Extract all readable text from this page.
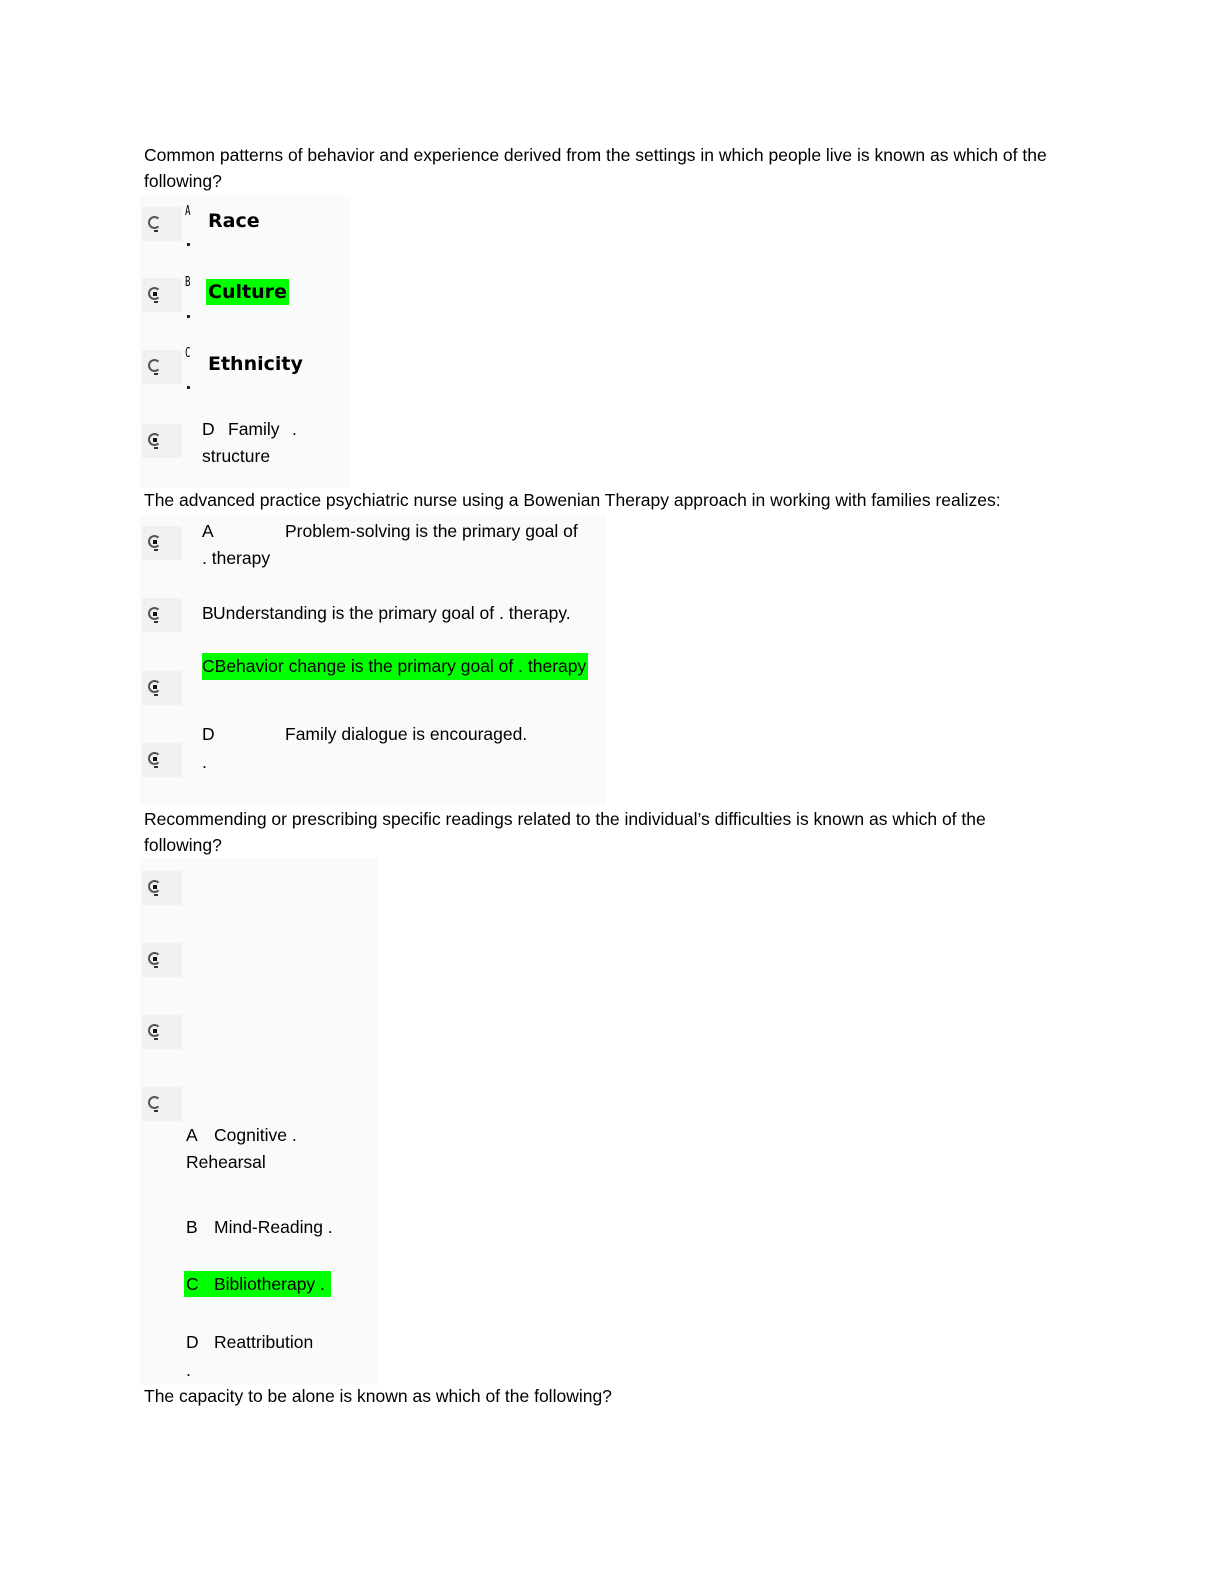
Common patterns of behavior and experience derived from the settings in which people live is known as which of the following?

A Race
B Culture
C Ethnicity
D Family .
structure

The advanced practice psychiatric nurse using a Bowenian Therapy approach in working with families realizes:

A	Problem-solving is the primary goal of
. therapy
B Understanding is the primary goal of . therapy.
CBehavior change is the primary goal of . therapy
D	Family dialogue is encouraged.
.

Recommending or prescribing specific readings related to the individual’s difficulties is known as which of the following?

A Cognitive .
Rehearsal
B Mind-Reading .
C Bibliotherapy .
D Reattribution
.

The capacity to be alone is known as which of the following?
